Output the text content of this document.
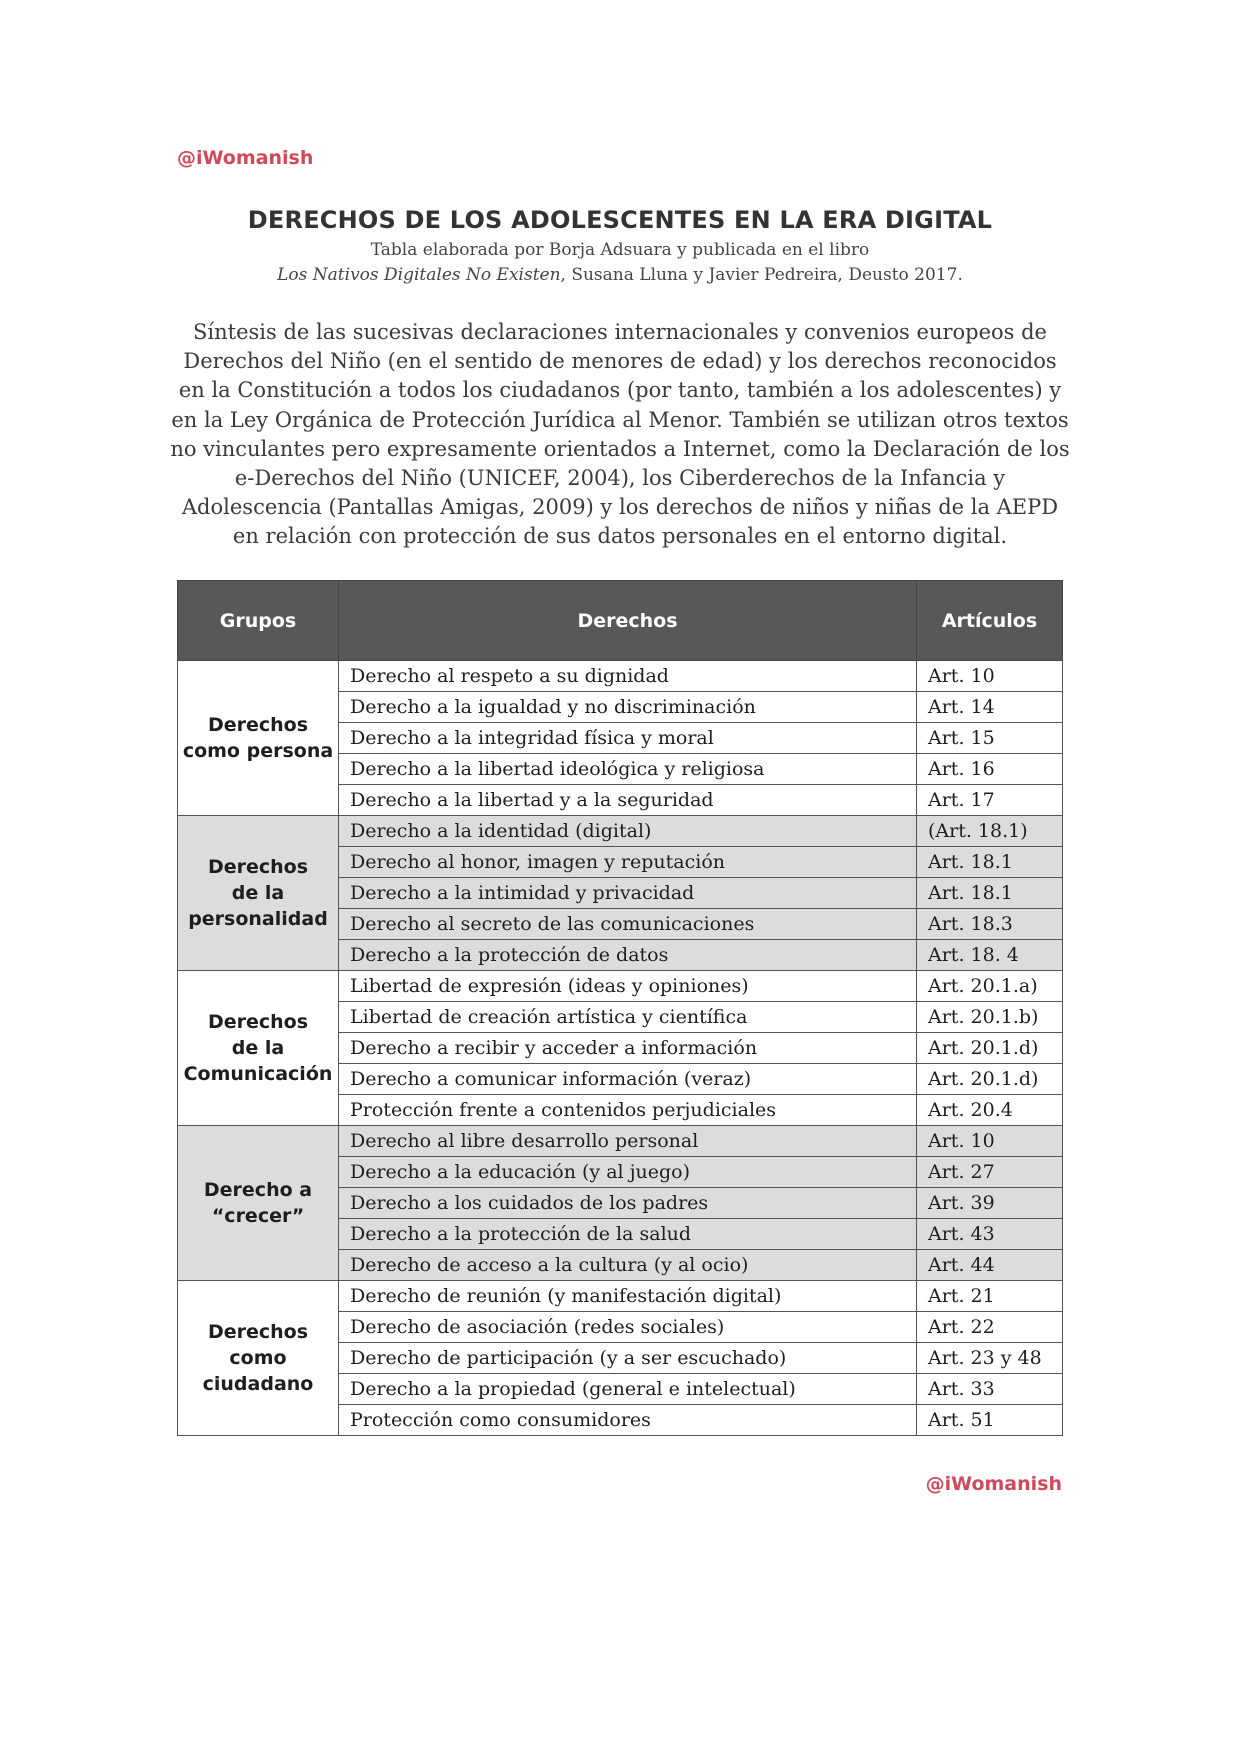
@iWomanish
DERECHOS DE LOS ADOLESCENTES EN LA ERA DIGITAL
Tabla elaborada por Borja Adsuara y publicada en el libro
Los Nativos Digitales No Existen, Susana Lluna y Javier Pedreira, Deusto 2017.
Síntesis de las sucesivas declaraciones internacionales y convenios europeos de Derechos del Niño (en el sentido de menores de edad) y los derechos reconocidos en la Constitución a todos los ciudadanos (por tanto, también a los adolescentes) y en la Ley Orgánica de Protección Jurídica al Menor. También se utilizan otros textos no vinculantes pero expresamente orientados a Internet, como la Declaración de los e-Derechos del Niño (UNICEF, 2004), los Ciberderechos de la Infancia y Adolescencia (Pantallas Amigas, 2009) y los derechos de niños y niñas de la AEPD en relación con protección de sus datos personales en el entorno digital.
Grupos	Derechos	Artículos
Derechos
como persona	Derecho al respeto a su dignidad	Art. 10
	Derecho a la igualdad y no discriminación	Art. 14
	Derecho a la integridad física y moral	Art. 15
	Derecho a la libertad ideológica y religiosa	Art. 16
	Derecho a la libertad y a la seguridad	Art. 17
Derechos
de la
personalidad	Derecho a la identidad (digital)	(Art. 18.1)
	Derecho al honor, imagen y reputación	Art. 18.1
	Derecho a la intimidad y privacidad	Art. 18.1
	Derecho al secreto de las comunicaciones	Art. 18.3
	Derecho a la protección de datos	Art. 18. 4
Derechos
de la
Comunicación	Libertad de expresión (ideas y opiniones)	Art. 20.1.a)
	Libertad de creación artística y científica	Art. 20.1.b)
	Derecho a recibir y acceder a información	Art. 20.1.d)
	Derecho a comunicar información (veraz)	Art. 20.1.d)
	Protección frente a contenidos perjudiciales	Art. 20.4
Derecho a
“crecer”	Derecho al libre desarrollo personal	Art. 10
	Derecho a la educación (y al juego)	Art. 27
	Derecho a los cuidados de los padres	Art. 39
	Derecho a la protección de la salud	Art. 43
	Derecho de acceso a la cultura (y al ocio)	Art. 44
Derechos
como
ciudadano	Derecho de reunión (y manifestación digital)	Art. 21
	Derecho de asociación (redes sociales)	Art. 22
	Derecho de participación (y a ser escuchado)	Art. 23 y 48
	Derecho a la propiedad (general e intelectual)	Art. 33
	Protección como consumidores	Art. 51
@iWomanish
